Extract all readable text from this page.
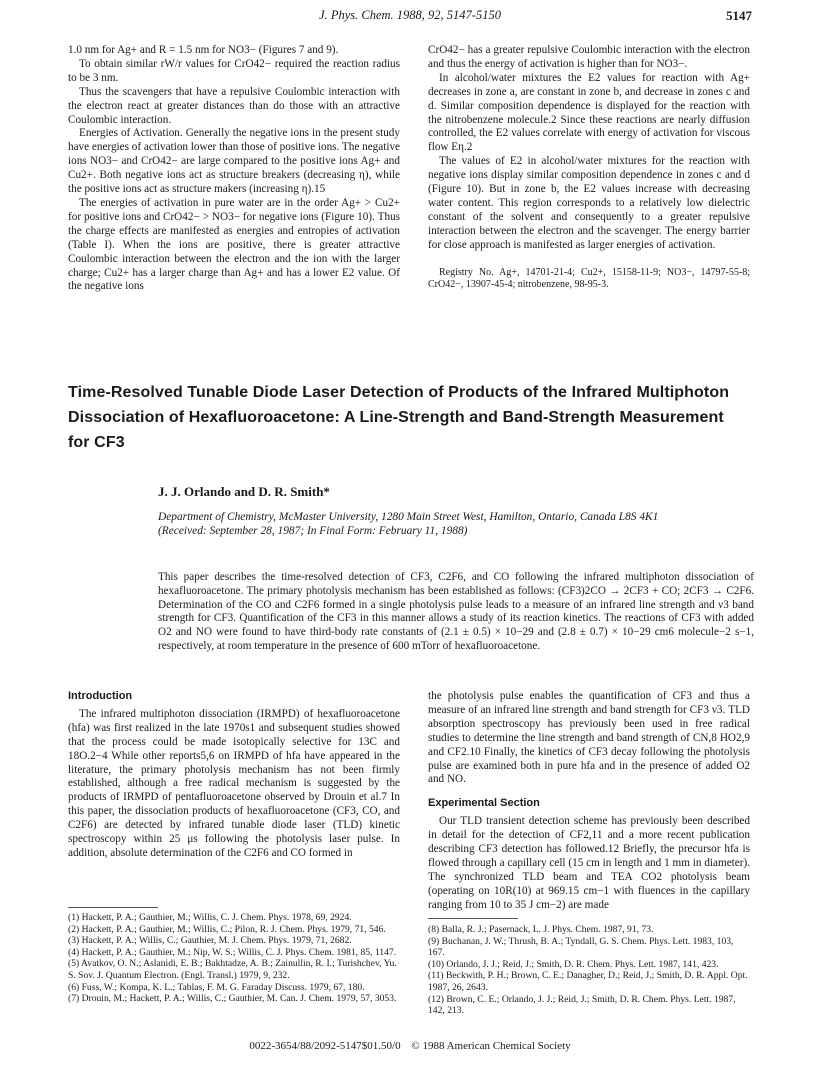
J. Phys. Chem. 1988, 92, 5147-5150	5147

1.0 nm for Ag+ and R = 1.5 nm for NO3− (Figures 7 and 9).

To obtain similar rW/r values for CrO42− required the reaction radius to be 3 nm.

Thus the scavengers that have a repulsive Coulombic interaction with the electron react at greater distances than do those with an attractive Coulombic interaction.

Energies of Activation. Generally the negative ions in the present study have energies of activation lower than those of positive ions. The negative ions NO3− and CrO42− are large compared to the positive ions Ag+ and Cu2+. Both negative ions act as structure breakers (decreasing η), while the positive ions act as structure makers (increasing η).15

The energies of activation in pure water are in the order Ag+ > Cu2+ for positive ions and CrO42− > NO3− for negative ions (Figure 10). Thus the charge effects are manifested as energies and entropies of activation (Table I). When the ions are positive, there is greater attractive Coulombic interaction between the electron and the ion with the larger charge; Cu2+ has a larger charge than Ag+ and has a lower E2 value. Of the negative ions

CrO42− has a greater repulsive Coulombic interaction with the electron and thus the energy of activation is higher than for NO3−.

In alcohol/water mixtures the E2 values for reaction with Ag+ decreases in zone a, are constant in zone b, and decrease in zones c and d. Similar composition dependence is displayed for the reaction with the nitrobenzene molecule.2 Since these reactions are nearly diffusion controlled, the E2 values correlate with energy of activation for viscous flow Eη.2

The values of E2 in alcohol/water mixtures for the reaction with negative ions display similar composition dependence in zones c and d (Figure 10). But in zone b, the E2 values increase with decreasing water content. This region corresponds to a relatively low dielectric constant of the solvent and consequently to a greater repulsive interaction between the electron and the scavenger. The energy barrier for close approach is manifested as larger energies of activation.

Registry No. Ag+, 14701-21-4; Cu2+, 15158-11-9; NO3−, 14797-55-8; CrO42−, 13907-45-4; nitrobenzene, 98-95-3.

Time-Resolved Tunable Diode Laser Detection of Products of the Infrared Multiphoton
Dissociation of Hexafluoroacetone: A Line-Strength and Band-Strength Measurement
for CF3
J. J. Orlando and D. R. Smith*
Department of Chemistry, McMaster University, 1280 Main Street West, Hamilton, Ontario, Canada L8S 4K1
(Received: September 28, 1987; In Final Form: February 11, 1988)
This paper describes the time-resolved detection of CF3, C2F6, and CO following the infrared multiphoton dissociation of hexafluoroacetone. The primary photolysis mechanism has been established as follows: (CF3)2CO → 2CF3 + CO; 2CF3 → C2F6. Determination of the CO and C2F6 formed in a single photolysis pulse leads to a measure of an infrared line strength and ν3 band strength for CF3. Quantification of the CF3 in this manner allows a study of its reaction kinetics. The reactions of CF3 with added O2 and NO were found to have third-body rate constants of (2.1 ± 0.5) × 10−29 and (2.8 ± 0.7) × 10−29 cm6 molecule−2 s−1, respectively, at room temperature in the presence of 600 mTorr of hexafluoroacetone.
Introduction

The infrared multiphoton dissociation (IRMPD) of hexafluoroacetone (hfa) was first realized in the late 1970s1 and subsequent studies showed that the process could be made isotopically selective for 13C and 18O.2−4 While other reports5,6 on IRMPD of hfa have appeared in the literature, the primary photolysis mechanism has not been firmly established, although a free radical mechanism is suggested by the products of IRMPD of pentafluoroacetone observed by Drouin et al.7 In this paper, the dissociation products of hexafluoroacetone (CF3, CO, and C2F6) are detected by infrared tunable diode laser (TLD) kinetic spectroscopy within 25 μs following the photolysis laser pulse. In addition, absolute determination of the C2F6 and CO formed in

the photolysis pulse enables the quantification of CF3 and thus a measure of an infrared line strength and band strength for CF3 ν3. TLD absorption spectroscopy has previously been used in free radical studies to determine the line strength and band strength of CN,8 HO2,9 and CF2.10 Finally, the kinetics of CF3 decay following the photolysis pulse are examined both in pure hfa and in the presence of added O2 and NO.

Experimental Section

Our TLD transient detection scheme has previously been described in detail for the detection of CF2,11 and a more recent publication describing CF3 detection has followed.12 Briefly, the precursor hfa is flowed through a capillary cell (15 cm in length and 1 mm in diameter). The synchronized TLD beam and TEA CO2 photolysis beam (operating on 10R(10) at 969.15 cm−1 with fluences in the capillary ranging from 10 to 35 J cm−2) are made

(1) Hackett, P. A.; Gauthier, M.; Willis, C. J. Chem. Phys. 1978, 69, 2924.
(2) Hackett, P. A.; Gauthier, M.; Willis, C.; Pilon, R. J. Chem. Phys. 1979, 71, 546.
(3) Hackett, P. A.; Willis, C.; Gauthier, M. J. Chem. Phys. 1979, 71, 2682.
(4) Hackett, P. A.; Gauthier, M.; Nip, W. S.; Willis, C. J. Phys. Chem. 1981, 85, 1147.
(5) Avatkov, O. N.; Aslanidi, E. B.; Bakhtadze, A. B.; Zainullin, R. I.; Turishchev, Yu. S. Sov. J. Quantum Electron. (Engl. Transl.) 1979, 9, 232.
(6) Fuss, W.; Kompa, K. L.; Tablas, F. M. G. Faraday Discuss. 1979, 67, 180.
(7) Drouin, M.; Hackett, P. A.; Willis, C.; Gauthier, M. Can. J. Chem. 1979, 57, 3053.
(8) Balla, R. J.; Pasernack, L. J. Phys. Chem. 1987, 91, 73.
(9) Buchanan, J. W.; Thrush, B. A.; Tyndall, G. S. Chem. Phys. Lett. 1983, 103, 167.
(10) Orlando, J. J.; Reid, J.; Smith, D. R. Chem. Phys. Lett. 1987, 141, 423.
(11) Beckwith, P. H.; Brown, C. E.; Danagher, D.; Reid, J.; Smith, D. R. Appl. Opt. 1987, 26, 2643.
(12) Brown, C. E.; Orlando, J. J.; Reid, J.; Smith, D. R. Chem. Phys. Lett. 1987, 142, 213.
0022-3654/88/2092-5147$01.50/0 © 1988 American Chemical Society
